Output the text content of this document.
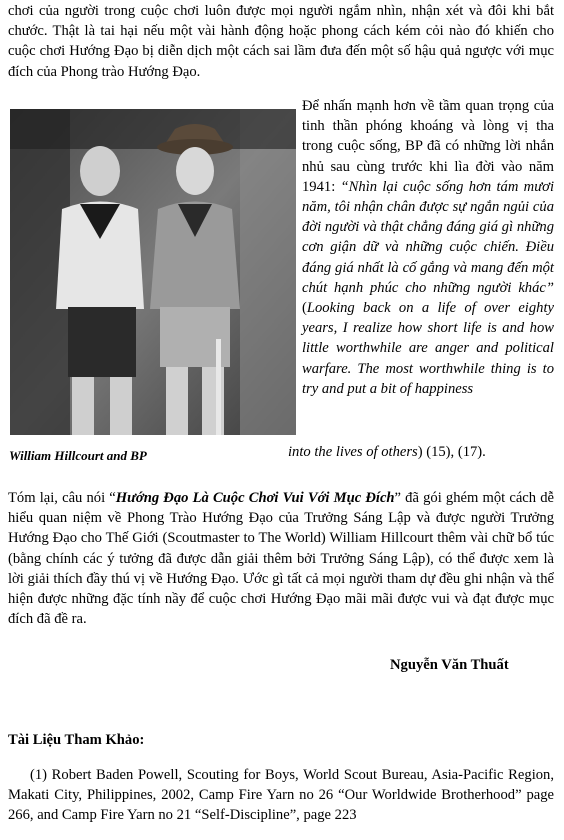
chơi của người trong cuộc chơi luôn được mọi người ngắm nhìn, nhận xét và đôi khi bắt chước. Thật là tai hại nếu một vài hành động hoặc phong cách kém cỏi nào đó khiến cho cuộc chơi Hướng Đạo bị diễn dịch một cách sai lầm đưa đến một số hậu quả ngược với mục đích của Phong trào Hướng Đạo.

Để nhấn mạnh hơn về tầm quan trọng của tinh thần phóng khoáng và lòng vị tha trong cuộc sống, BP đã có những lời nhắn nhủ sau cùng trước khi lìa đời vào năm 1941: “Nhìn lại cuộc sống hơn tám mươi năm, tôi nhận chân được sự ngắn ngủi của đời người và thật chẳng đáng giá gì những cơn giận dữ và những cuộc chiến. Điều đáng giá nhất là cố gắng và mang đến một chút hạnh phúc cho những người khác” (Looking back on a life of over eighty years, I realize how short life is and how little worthwhile are anger and political warfare. The most worthwhile thing is to try and put a bit of happiness

William Hillcourt and BP	into the lives of others) (15), (17).

Tóm lại, câu nói “Hướng Đạo Là Cuộc Chơi Vui Với Mục Đích” đã gói ghém một cách dễ hiểu quan niệm về Phong Trào Hướng Đạo của Trưởng Sáng Lập và được người Trưởng Hướng Đạo cho Thế Giới (Scoutmaster to The World) William Hillcourt thêm vài chữ bổ túc (bằng chính các ý tưởng đã được dẫn giải thêm bởi Trưởng Sáng Lập), có thể được xem là lời giải thích đầy thú vị về Hướng Đạo. Ước gì tất cả mọi người tham dự đều ghi nhận và thể hiện được những đặc tính nầy để cuộc chơi Hướng Đạo mãi mãi được vui và đạt được mục đích đã đề ra.

Nguyễn Văn Thuất
Tài Liệu Tham Khảo:

(1) Robert Baden Powell, Scouting for Boys, World Scout Bureau, Asia-Pacific Region, Makati City, Philippines, 2002, Camp Fire Yarn no 26 “Our Worldwide Brotherhood” page 266, and Camp Fire Yarn no 21 “Self-Discipline”, page 223
